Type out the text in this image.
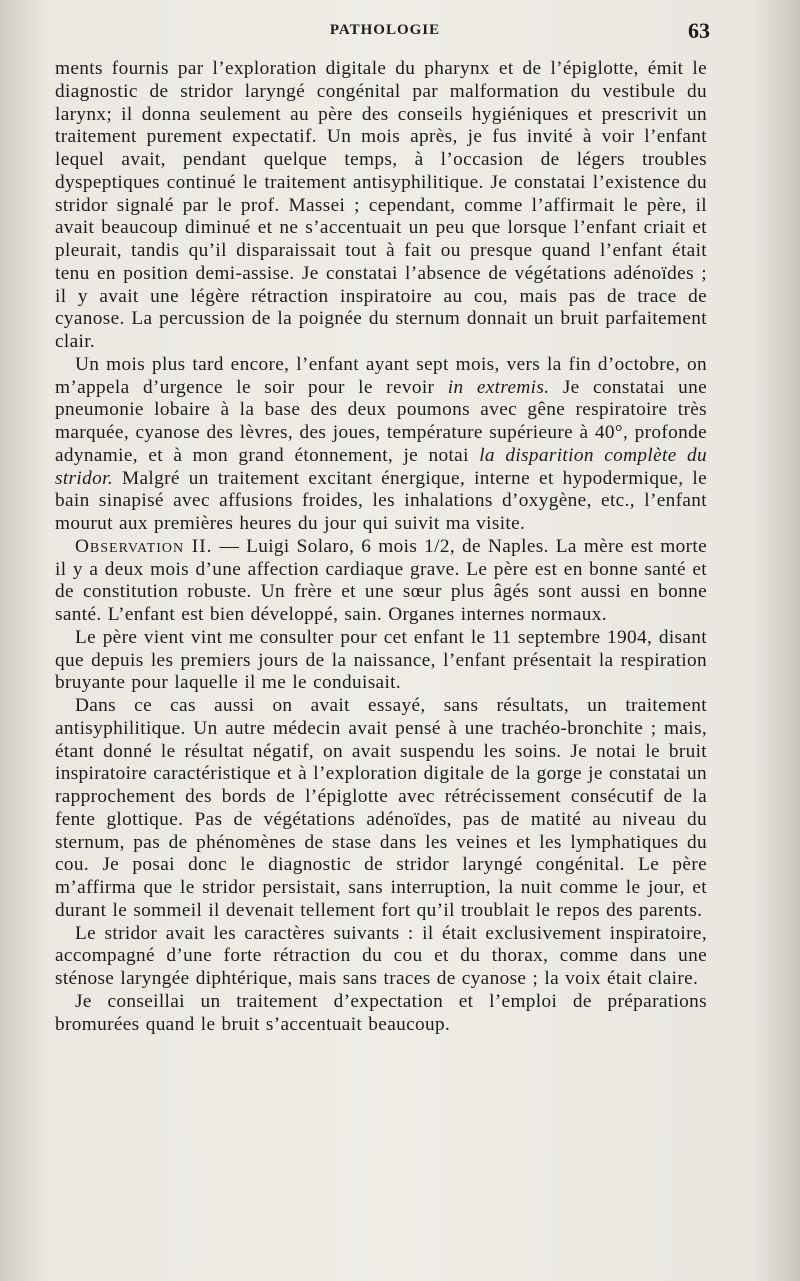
PATHOLOGIE	63

ments fournis par l’exploration digitale du pharynx et de l’épiglotte, émit le diagnostic de stridor laryngé congénital par malformation du vestibule du larynx; il donna seulement au père des conseils hygiéniques et prescrivit un traitement purement expectatif. Un mois après, je fus invité à voir l’enfant lequel avait, pendant quelque temps, à l’occasion de légers troubles dyspeptiques continué le traitement antisyphilitique. Je constatai l’existence du stridor signalé par le prof. Massei ; cependant, comme l’affirmait le père, il avait beaucoup diminué et ne s’accentuait un peu que lorsque l’enfant criait et pleurait, tandis qu’il disparaissait tout à fait ou presque quand l’enfant était tenu en position demi-assise. Je constatai l’absence de végétations adénoïdes ; il y avait une légère rétraction inspiratoire au cou, mais pas de trace de cyanose. La percussion de la poignée du sternum donnait un bruit parfaitement clair.

Un mois plus tard encore, l’enfant ayant sept mois, vers la fin d’octobre, on m’appela d’urgence le soir pour le revoir in extremis. Je constatai une pneumonie lobaire à la base des deux poumons avec gêne respiratoire très marquée, cyanose des lèvres, des joues, température supérieure à 40°, profonde adynamie, et à mon grand étonnement, je notai la disparition complète du stridor. Malgré un traitement excitant énergique, interne et hypodermique, le bain sinapisé avec affusions froides, les inhalations d’oxygène, etc., l’enfant mourut aux premières heures du jour qui suivit ma visite.

Observation II. — Luigi Solaro, 6 mois 1/2, de Naples. La mère est morte il y a deux mois d’une affection cardiaque grave. Le père est en bonne santé et de constitution robuste. Un frère et une sœur plus âgés sont aussi en bonne santé. L’enfant est bien développé, sain. Organes internes normaux.

Le père vient vint me consulter pour cet enfant le 11 septembre 1904, disant que depuis les premiers jours de la naissance, l’enfant présentait la respiration bruyante pour laquelle il me le conduisait.

Dans ce cas aussi on avait essayé, sans résultats, un traitement antisyphilitique. Un autre médecin avait pensé à une trachéo-bronchite ; mais, étant donné le résultat négatif, on avait suspendu les soins. Je notai le bruit inspiratoire caractéristique et à l’exploration digitale de la gorge je constatai un rapprochement des bords de l’épiglotte avec rétrécissement consécutif de la fente glottique. Pas de végétations adénoïdes, pas de matité au niveau du sternum, pas de phénomènes de stase dans les veines et les lymphatiques du cou. Je posai donc le diagnostic de stridor laryngé congénital. Le père m’affirma que le stridor persistait, sans interruption, la nuit comme le jour, et durant le sommeil il devenait tellement fort qu’il troublait le repos des parents.

Le stridor avait les caractères suivants : il était exclusivement inspiratoire, accompagné d’une forte rétraction du cou et du thorax, comme dans une sténose laryngée diphtérique, mais sans traces de cyanose ; la voix était claire.

Je conseillai un traitement d’expectation et l’emploi de préparations bromurées quand le bruit s’accentuait beaucoup.
